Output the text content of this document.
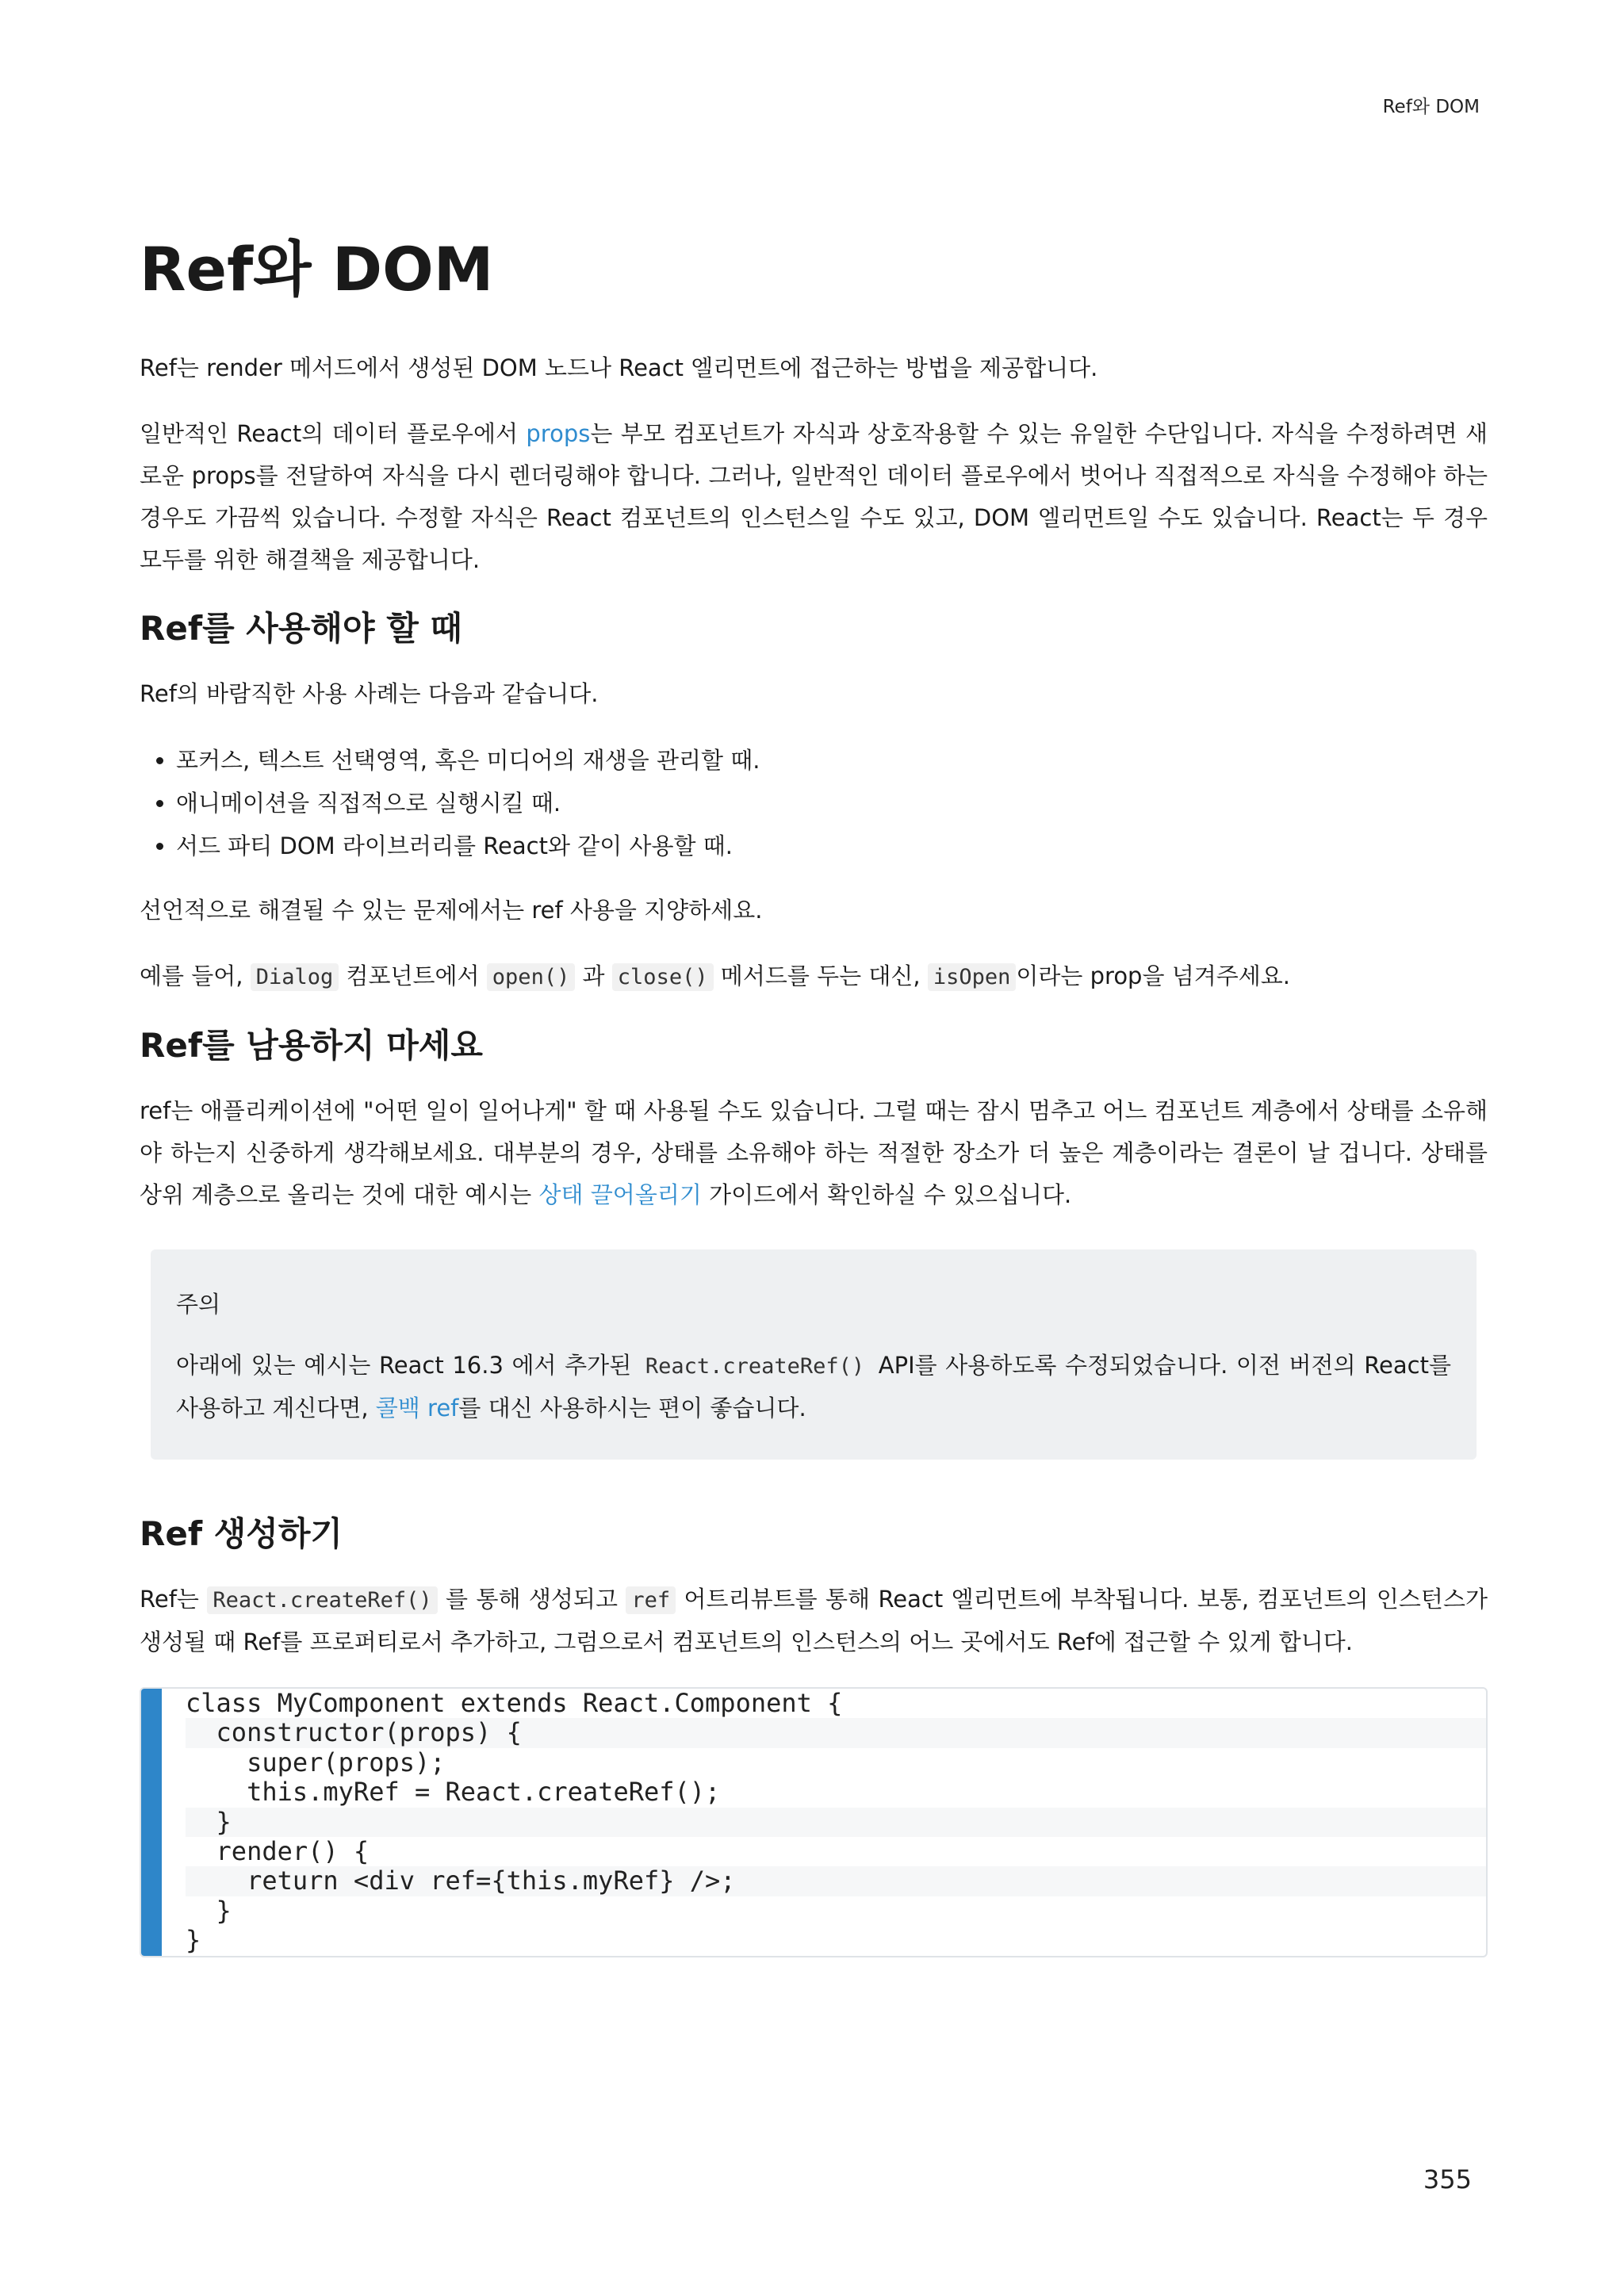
Ref와 DOM
Ref와 DOM

Ref는 render 메서드에서 생성된 DOM 노드나 React 엘리먼트에 접근하는 방법을 제공합니다.

일반적인 React의 데이터 플로우에서 props는 부모 컴포넌트가 자식과 상호작용할 수 있는 유일한 수단입니다. 자식을 수정하려면 새로운 props를 전달하여 자식을 다시 렌더링해야 합니다. 그러나, 일반적인 데이터 플로우에서 벗어나 직접적으로 자식을 수정해야 하는 경우도 가끔씩 있습니다. 수정할 자식은 React 컴포넌트의 인스턴스일 수도 있고, DOM 엘리먼트일 수도 있습니다. React는 두 경우 모두를 위한 해결책을 제공합니다.

Ref를 사용해야 할 때

Ref의 바람직한 사용 사례는 다음과 같습니다.

• 포커스, 텍스트 선택영역, 혹은 미디어의 재생을 관리할 때.
• 애니메이션을 직접적으로 실행시킬 때.
• 서드 파티 DOM 라이브러리를 React와 같이 사용할 때.

선언적으로 해결될 수 있는 문제에서는 ref 사용을 지양하세요.

예를 들어, Dialog 컴포넌트에서 open() 과 close() 메서드를 두는 대신, isOpen 이라는 prop을 넘겨주세요.

Ref를 남용하지 마세요

ref는 애플리케이션에 "어떤 일이 일어나게" 할 때 사용될 수도 있습니다. 그럴 때는 잠시 멈추고 어느 컴포넌트 계층에서 상태를 소유해야 하는지 신중하게 생각해보세요. 대부분의 경우, 상태를 소유해야 하는 적절한 장소가 더 높은 계층이라는 결론이 날 겁니다. 상태를 상위 계층으로 올리는 것에 대한 예시는 상태 끌어올리기 가이드에서 확인하실 수 있으십니다.

주의

아래에 있는 예시는 React 16.3 에서 추가된 React.createRef() API를 사용하도록 수정되었습니다. 이전 버전의 React를 사용하고 계신다면, 콜백 ref를 대신 사용하시는 편이 좋습니다.

Ref 생성하기

Ref는 React.createRef() 를 통해 생성되고 ref 어트리뷰트를 통해 React 엘리먼트에 부착됩니다. 보통, 컴포넌트의 인스턴스가 생성될 때 Ref를 프로퍼티로서 추가하고, 그럼으로서 컴포넌트의 인스턴스의 어느 곳에서도 Ref에 접근할 수 있게 합니다.

class MyComponent extends React.Component {
constructor(props) {
super(props);
this.myRef = React.createRef();
}
render() {
return <div ref={this.myRef} />;
}
}
355
